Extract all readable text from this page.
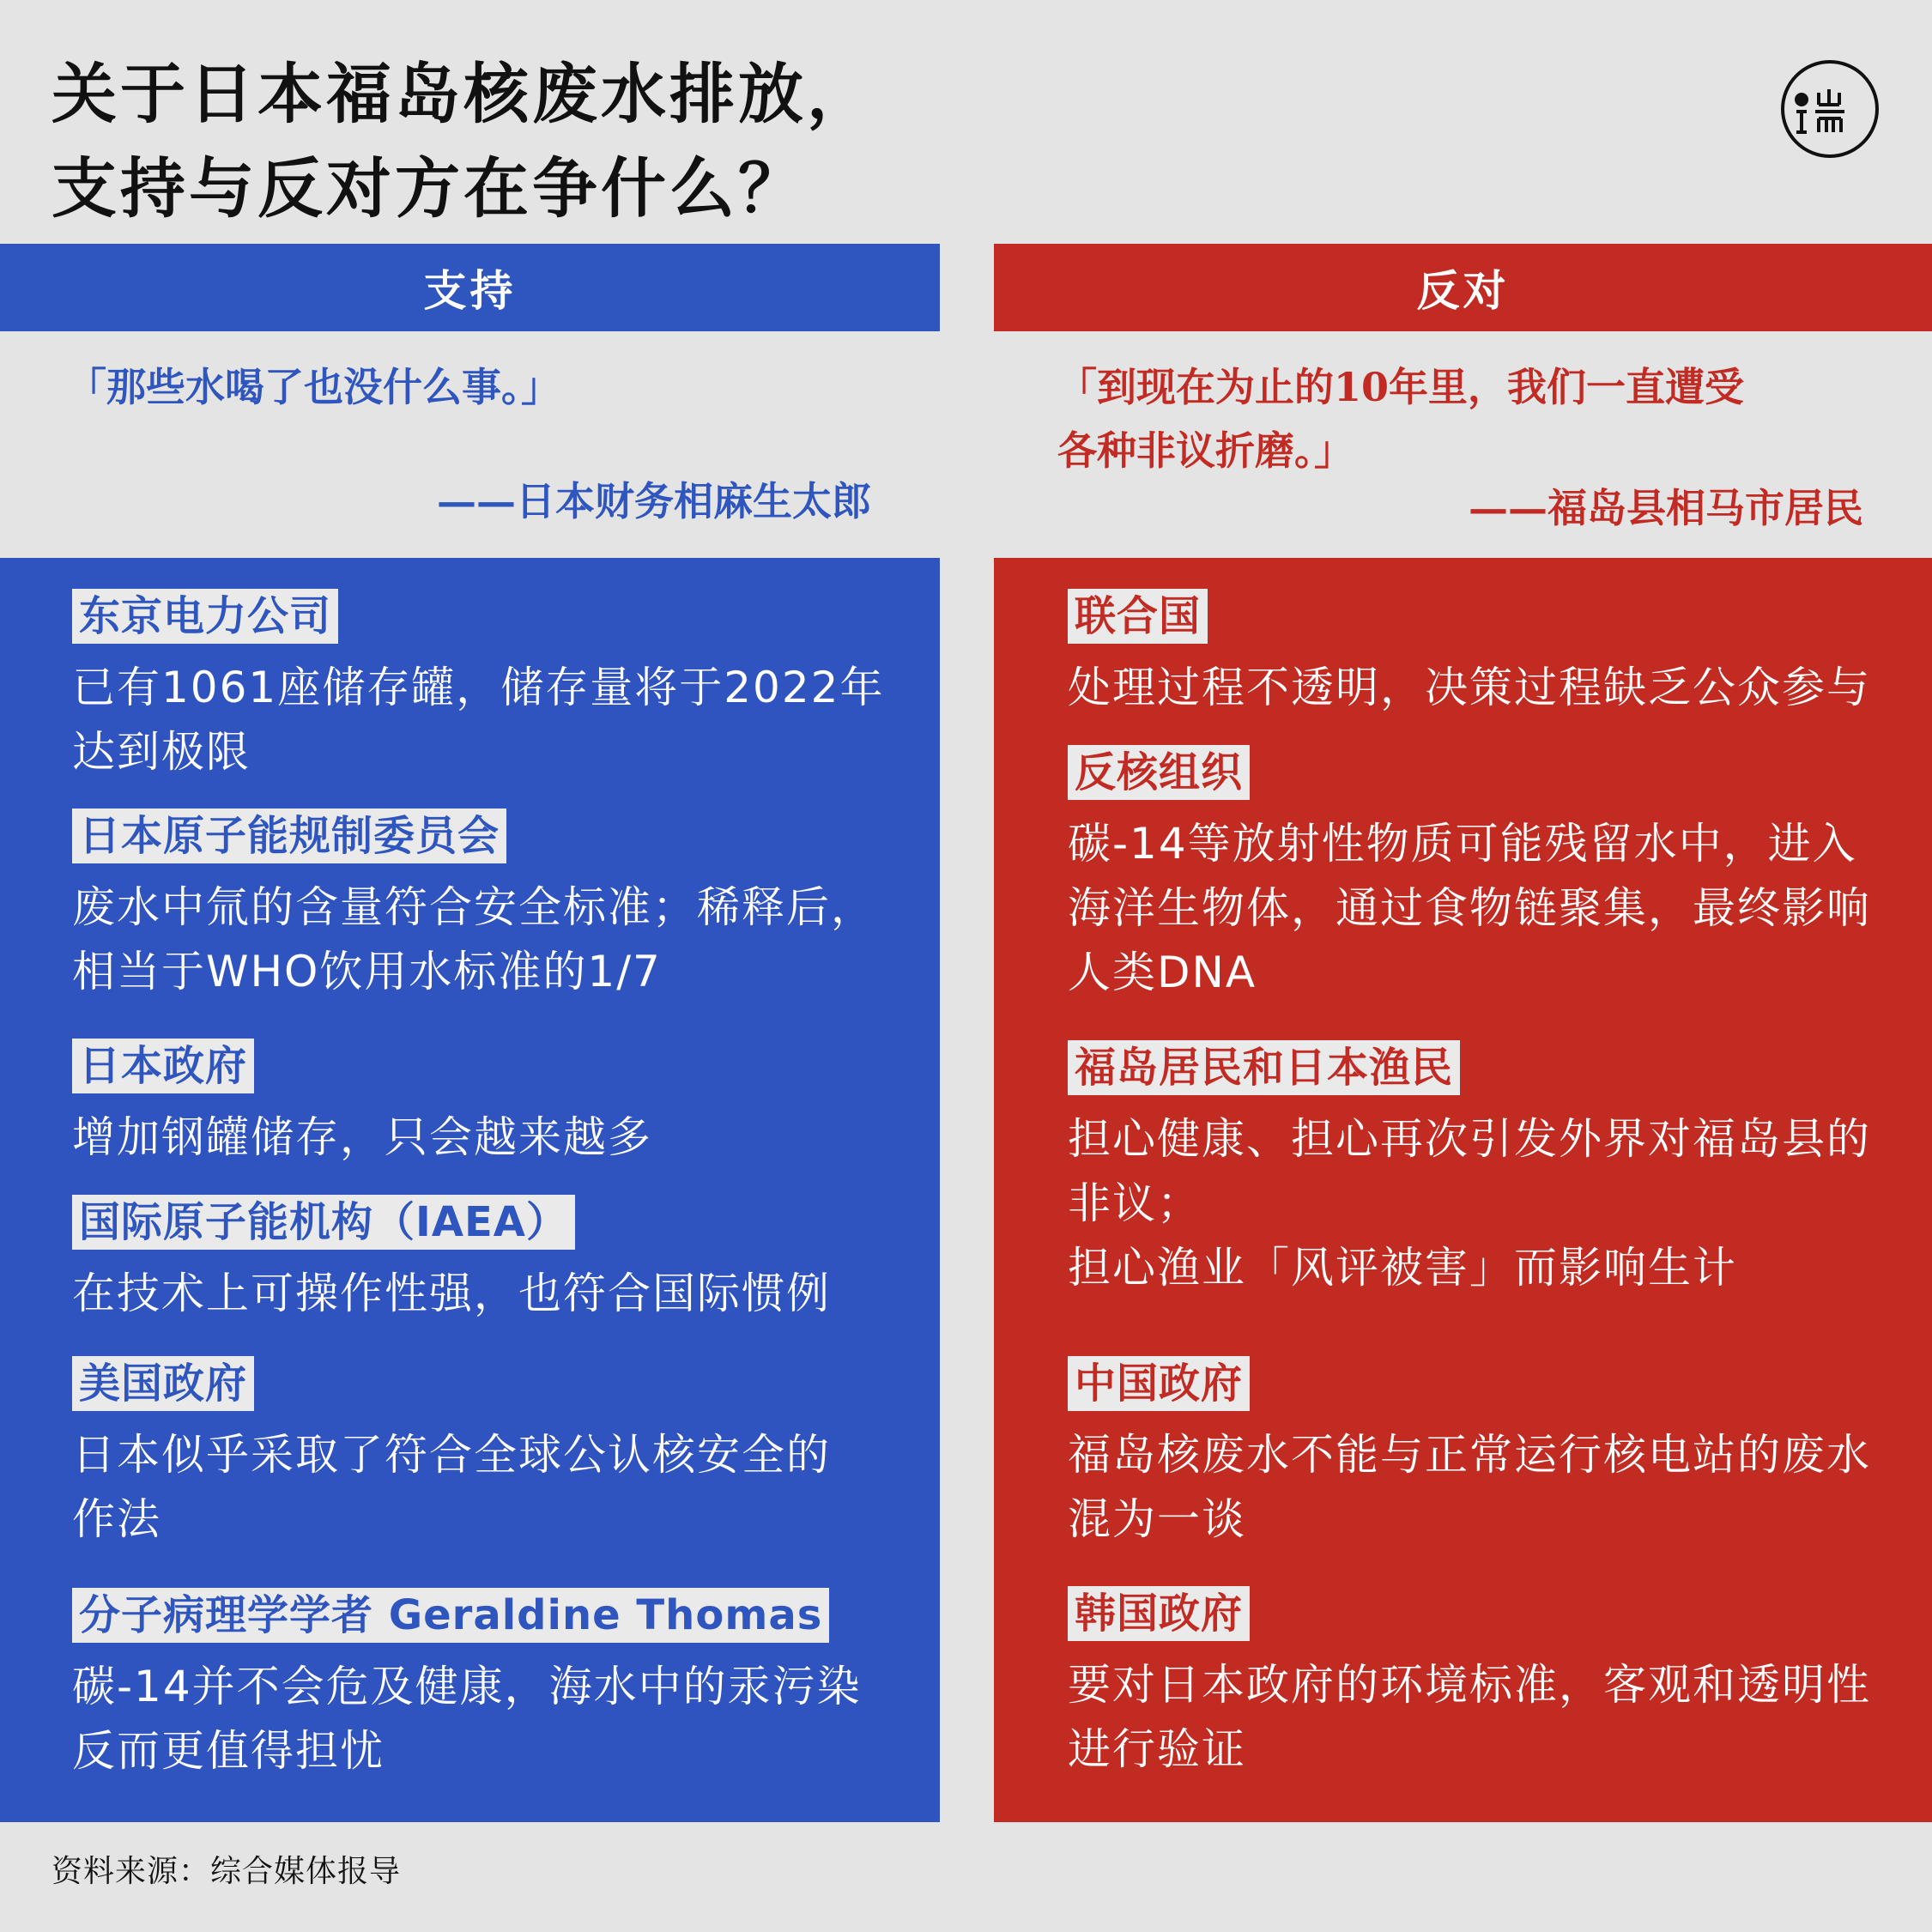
关于日本福岛核废水排放，
支持与反对方在争什么？
支持	反对
「那些水喝了也没什么事。」
——日本财务相麻生太郎
「到现在为止的10年里，我们一直遭受
各种非议折磨。」
——福岛县相马市居民
东京电力公司
已有1061座储存罐，储存量将于2022年
达到极限
日本原子能规制委员会
废水中氚的含量符合安全标准；稀释后，
相当于WHO饮用水标准的1/7
日本政府
增加钢罐储存，只会越来越多
国际原子能机构（IAEA）
在技术上可操作性强，也符合国际惯例
美国政府
日本似乎采取了符合全球公认核安全的
作法
分子病理学学者 Geraldine Thomas
碳-14并不会危及健康，海水中的汞污染
反而更值得担忧
联合国
处理过程不透明，决策过程缺乏公众参与
反核组织
碳-14等放射性物质可能残留水中，进入
海洋生物体，通过食物链聚集，最终影响
人类DNA
福岛居民和日本渔民
担心健康、担心再次引发外界对福岛县的
非议；
担心渔业「风评被害」而影响生计
中国政府
福岛核废水不能与正常运行核电站的废水
混为一谈
韩国政府
要对日本政府的环境标准，客观和透明性
进行验证
资料来源：综合媒体报导
